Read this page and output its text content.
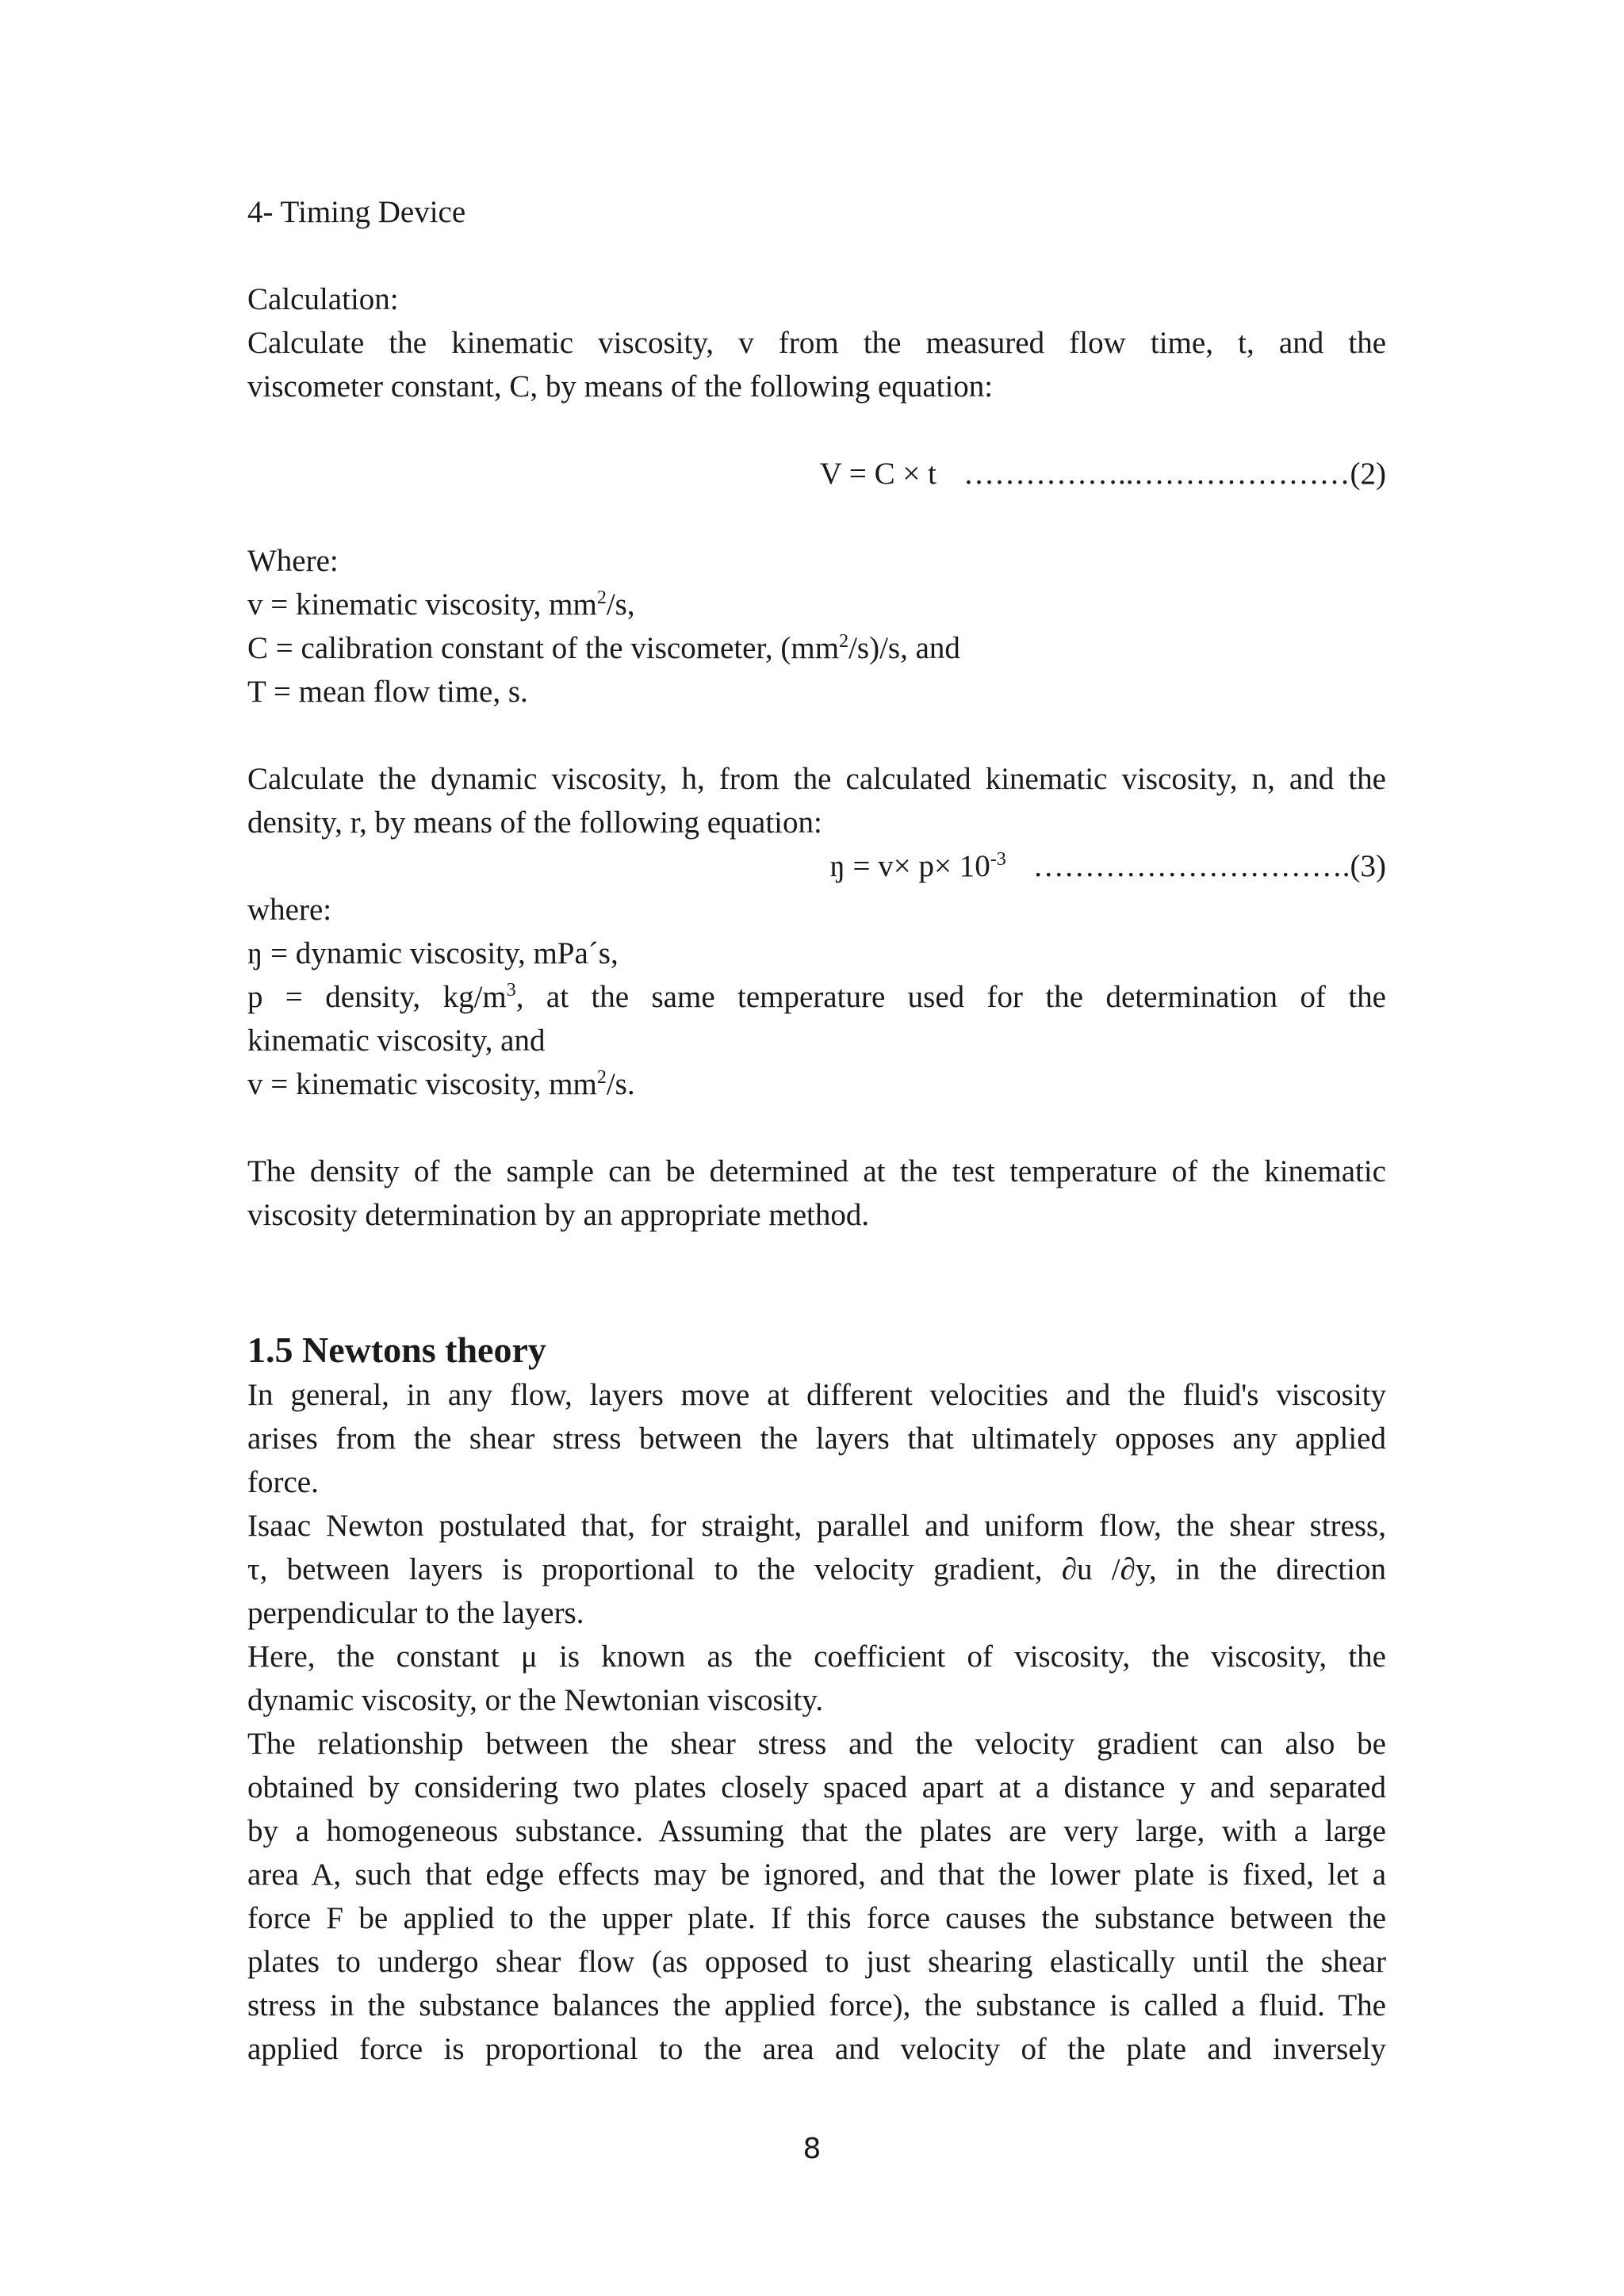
4- Timing Device
Calculation:
Calculate the kinematic viscosity, v from the measured flow time, t, and the
viscometer constant, C, by means of the following equation:
V = C × t ……………..…………………(2)
Where:
v = kinematic viscosity, $mm^2/s$,
C = calibration constant of the viscometer, $(mm^2/s)/s$, and
T = mean flow time, s.
Calculate the dynamic viscosity, h, from the calculated kinematic viscosity, n, and the
density, r, by means of the following equation:
ŋ = $v\times p\times 10^{-3}$ ………………………….(3)
where:
ŋ = dynamic viscosity, mPa´s,
p = density, $kg/m^3$, at the same temperature used for the determination of the
kinematic viscosity, and
v = kinematic viscosity, $mm^2/s$.
The density of the sample can be determined at the test temperature of the kinematic
viscosity determination by an appropriate method.
1.5 Newtons theory
In general, in any flow, layers move at different velocities and the fluid's viscosity
arises from the shear stress between the layers that ultimately opposes any applied
force.
Isaac Newton postulated that, for straight, parallel and uniform flow, the shear stress,
τ, between layers is proportional to the velocity gradient, ∂u /∂y, in the direction
perpendicular to the layers.
Here, the constant μ is known as the coefficient of viscosity, the viscosity, the
dynamic viscosity, or the Newtonian viscosity.
The relationship between the shear stress and the velocity gradient can also be
obtained by considering two plates closely spaced apart at a distance y and separated
by a homogeneous substance. Assuming that the plates are very large, with a large
area A, such that edge effects may be ignored, and that the lower plate is fixed, let a
force F be applied to the upper plate. If this force causes the substance between the
plates to undergo shear flow (as opposed to just shearing elastically until the shear
stress in the substance balances the applied force), the substance is called a fluid. The
applied force is proportional to the area and velocity of the plate and inversely
8
